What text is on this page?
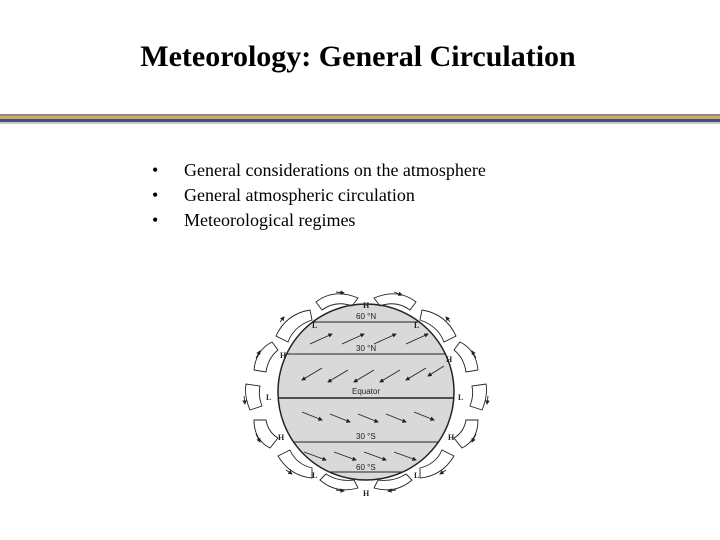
Meteorology: General Circulation
• General considerations on the atmosphere
• General atmospheric circulation
• Meteorological regimes
60 °N
30 °N
Equator
30 °S
60 °S
H
L	L
H	H
L	L
H	H
L	L
H
